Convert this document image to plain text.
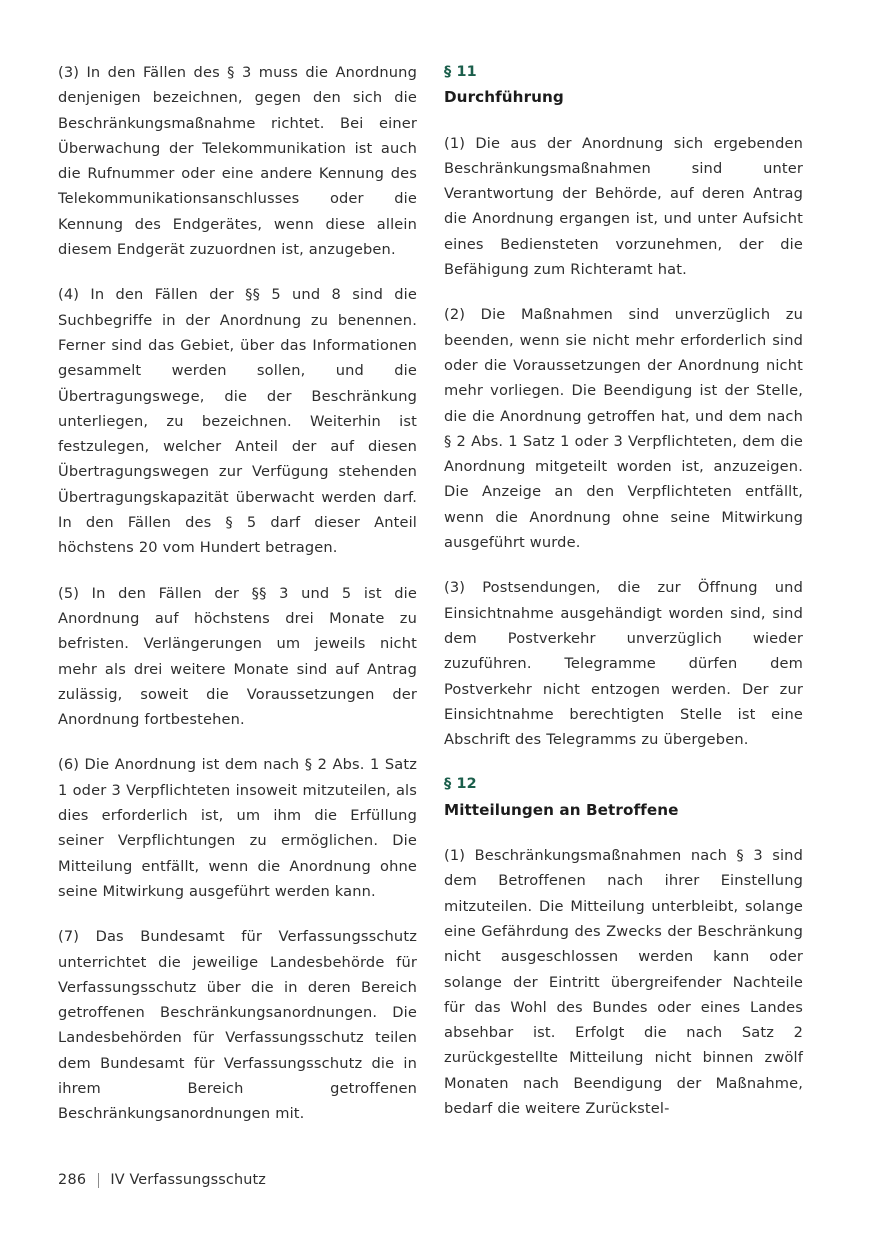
(3) In den Fällen des § 3 muss die Anordnung denjenigen bezeichnen, gegen den sich die Beschränkungsmaßnahme richtet. Bei einer Überwachung der Telekommunikation ist auch die Rufnummer oder eine andere Kennung des Telekommunikationsanschlusses oder die Kennung des Endgerätes, wenn diese allein diesem Endgerät zuzuordnen ist, anzugeben.

(4) In den Fällen der §§ 5 und 8 sind die Suchbegriffe in der Anordnung zu benennen. Ferner sind das Gebiet, über das Informationen gesammelt werden sollen, und die Übertragungswege, die der Beschränkung unterliegen, zu bezeichnen. Weiterhin ist festzulegen, welcher Anteil der auf diesen Übertragungswegen zur Verfügung stehenden Übertragungskapazität überwacht werden darf. In den Fällen des § 5 darf dieser Anteil höchstens 20 vom Hundert betragen.

(5) In den Fällen der §§ 3 und 5 ist die Anordnung auf höchstens drei Monate zu befristen. Verlängerungen um jeweils nicht mehr als drei weitere Monate sind auf Antrag zulässig, soweit die Voraussetzungen der Anordnung fortbestehen.

(6) Die Anordnung ist dem nach § 2 Abs. 1 Satz 1 oder 3 Verpflichteten insoweit mitzuteilen, als dies erforderlich ist, um ihm die Erfüllung seiner Verpflichtungen zu ermöglichen. Die Mitteilung entfällt, wenn die Anordnung ohne seine Mitwirkung ausgeführt werden kann.

(7) Das Bundesamt für Verfassungsschutz unterrichtet die jeweilige Landesbehörde für Verfassungsschutz über die in deren Bereich getroffenen Beschränkungsanordnungen. Die Landesbehörden für Verfassungsschutz teilen dem Bundesamt für Verfassungsschutz die in ihrem Bereich getroffenen Beschränkungsanordnungen mit.

§ 11
Durchführung

(1) Die aus der Anordnung sich ergebenden Beschränkungsmaßnahmen sind unter Verantwortung der Behörde, auf deren Antrag die Anordnung ergangen ist, und unter Aufsicht eines Bediensteten vorzunehmen, der die Befähigung zum Richteramt hat.

(2) Die Maßnahmen sind unverzüglich zu beenden, wenn sie nicht mehr erforderlich sind oder die Voraussetzungen der Anordnung nicht mehr vorliegen. Die Beendigung ist der Stelle, die die Anordnung getroffen hat, und dem nach § 2 Abs. 1 Satz 1 oder 3 Verpflichteten, dem die Anordnung mitgeteilt worden ist, anzuzeigen. Die Anzeige an den Verpflichteten entfällt, wenn die Anordnung ohne seine Mitwirkung ausgeführt wurde.

(3) Postsendungen, die zur Öffnung und Einsichtnahme ausgehändigt worden sind, sind dem Postverkehr unverzüglich wieder zuzuführen. Telegramme dürfen dem Postverkehr nicht entzogen werden. Der zur Einsichtnahme berechtigten Stelle ist eine Abschrift des Telegramms zu übergeben.

§ 12
Mitteilungen an Betroffene

(1) Beschränkungsmaßnahmen nach § 3 sind dem Betroffenen nach ihrer Einstellung mitzuteilen. Die Mitteilung unterbleibt, solange eine Gefährdung des Zwecks der Beschränkung nicht ausgeschlossen werden kann oder solange der Eintritt übergreifender Nachteile für das Wohl des Bundes oder eines Landes absehbar ist. Erfolgt die nach Satz 2 zurückgestellte Mitteilung nicht binnen zwölf Monaten nach Beendigung der Maßnahme, bedarf die weitere Zurückstel-

286 IV Verfassungsschutz
